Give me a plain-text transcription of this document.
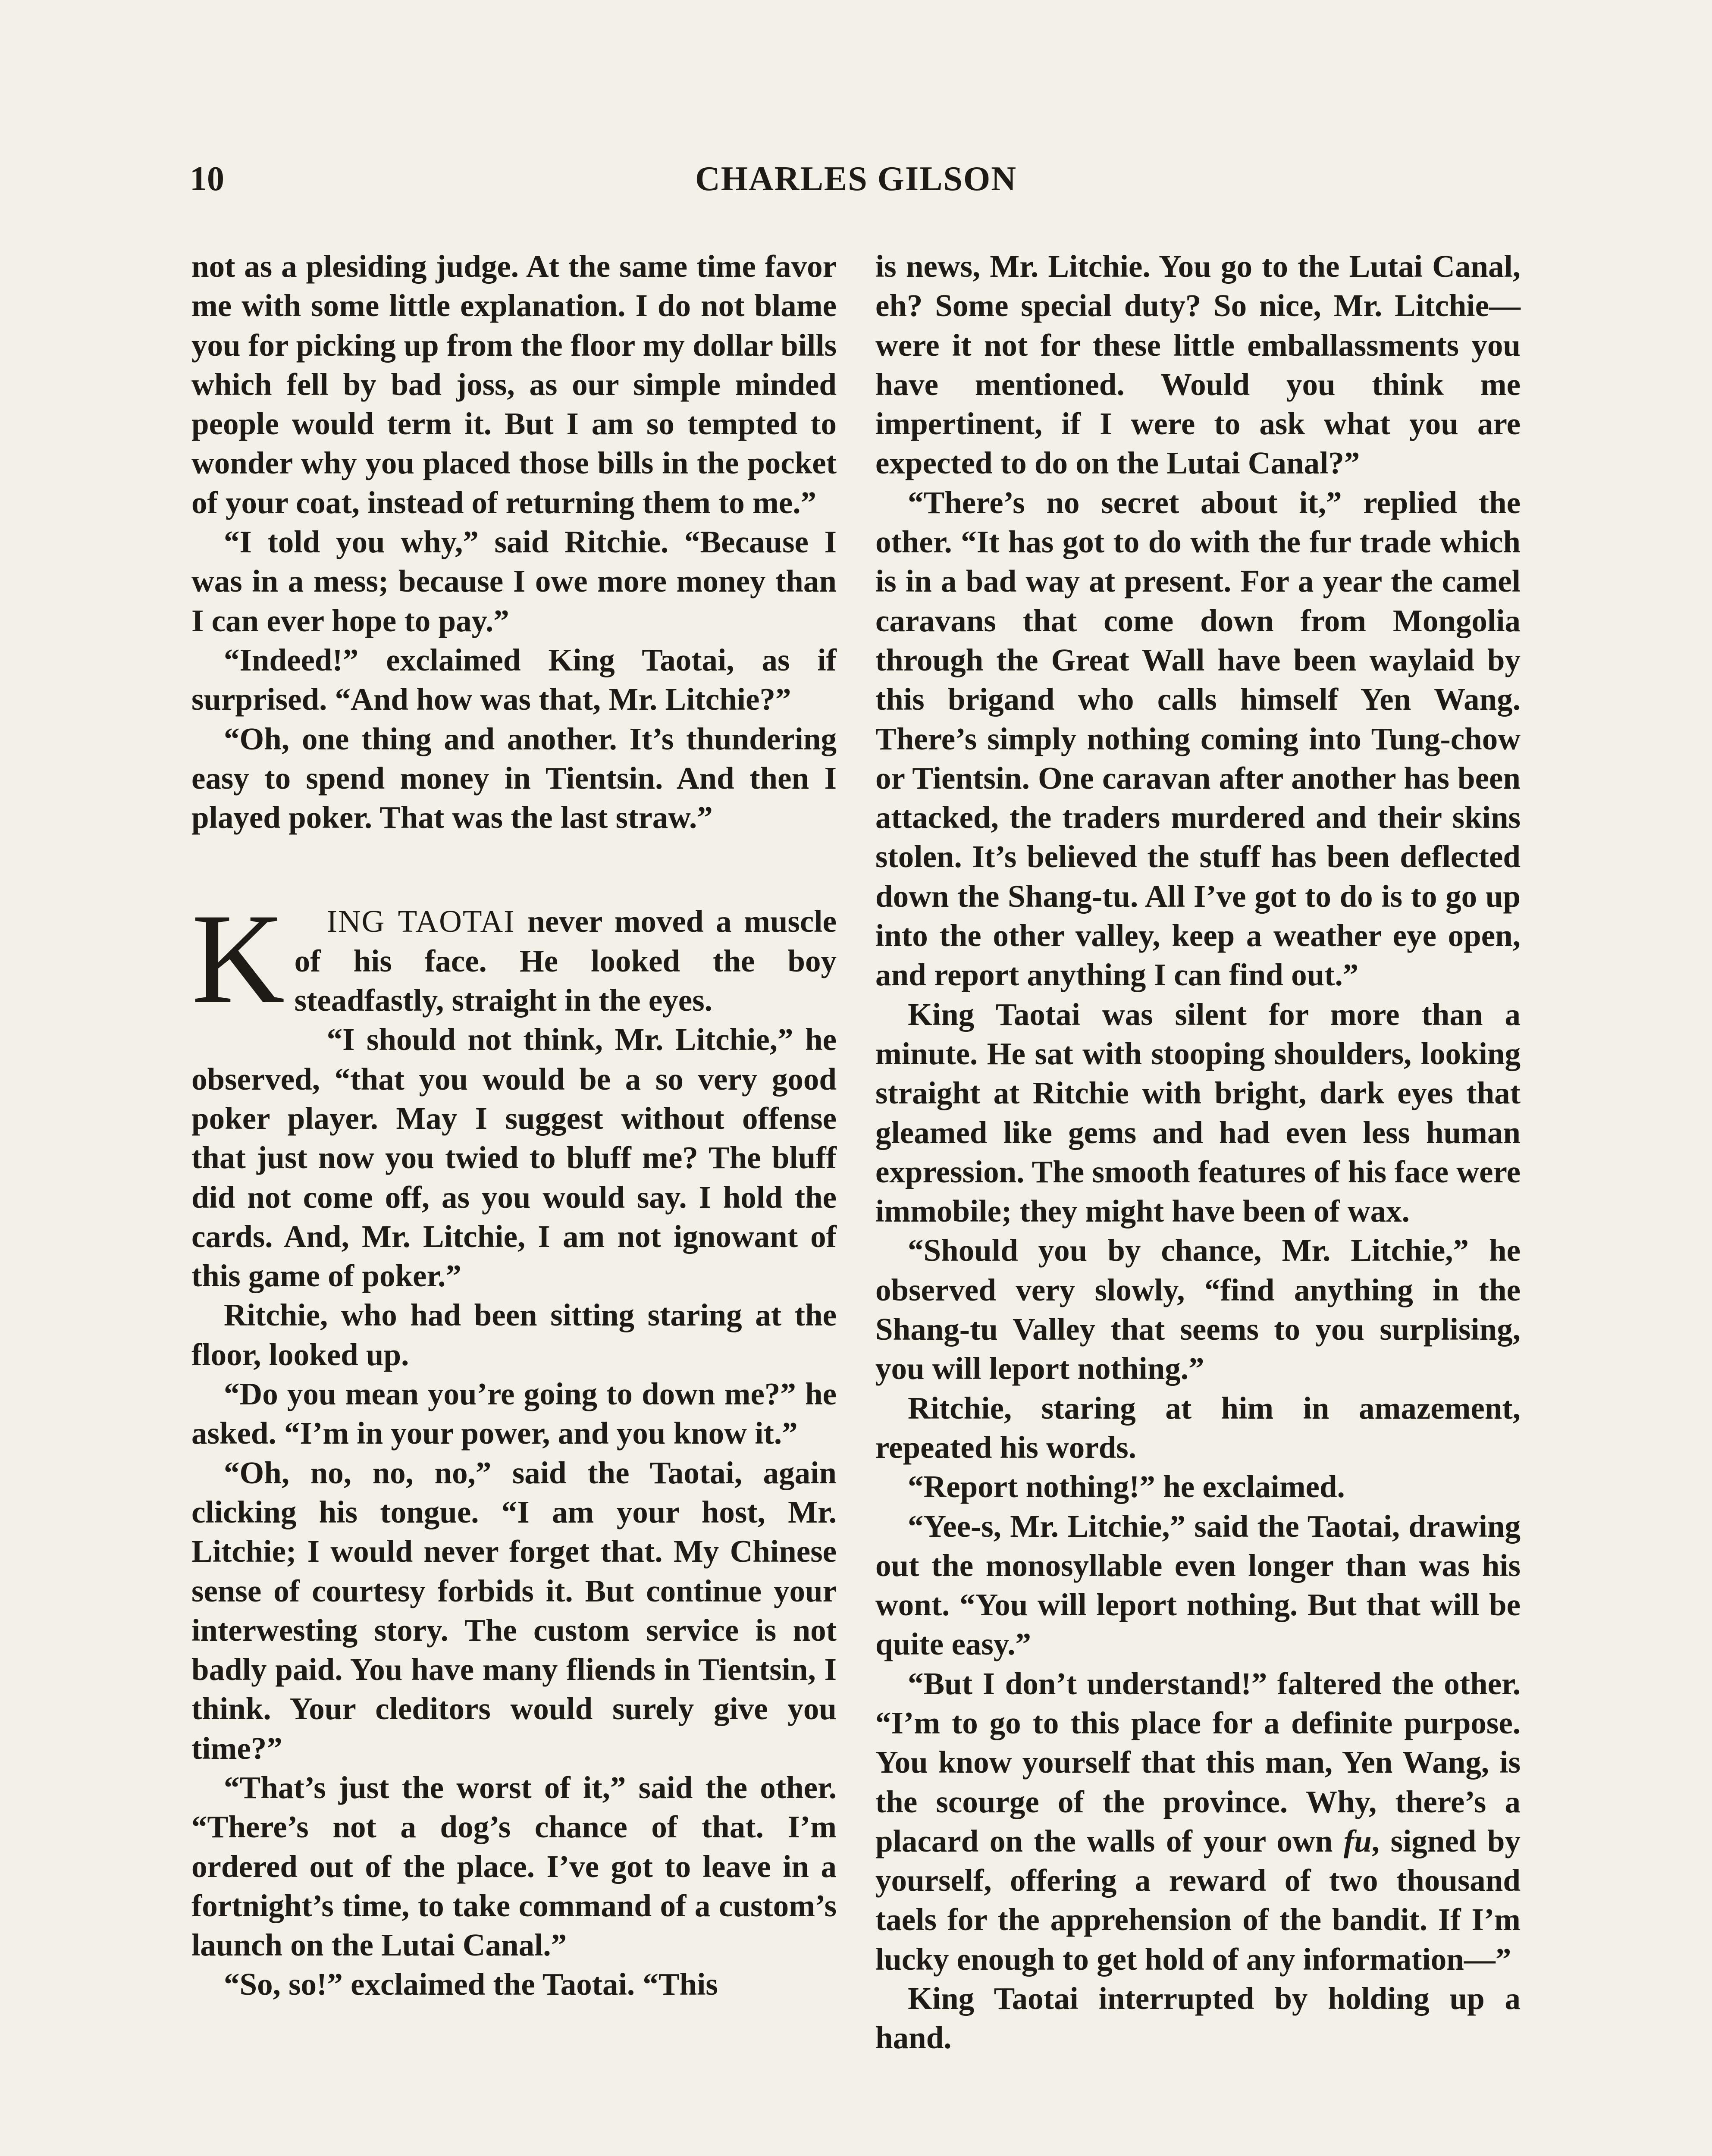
10	CHARLES GILSON

not as a plesiding judge. At the same time favor me with some little explanation. I do not blame you for picking up from the floor my dollar bills which fell by bad joss, as our simple minded people would term it. But I am so tempted to wonder why you placed those bills in the pocket of your coat, instead of returning them to me.”

“I told you why,” said Ritchie. “Because I was in a mess; because I owe more money than I can ever hope to pay.”

“Indeed!” exclaimed King Taotai, as if surprised. “And how was that, Mr. Litchie?”

“Oh, one thing and another. It’s thundering easy to spend money in Tientsin. And then I played poker. That was the last straw.”

K	ING TAOTAI never moved a muscle of his face. He looked the boy steadfastly, straight in the eyes.

“I should not think, Mr. Litchie,” he observed, “that you would be a so very good poker player. May I suggest without offense that just now you twied to bluff me? The bluff did not come off, as you would say. I hold the cards. And, Mr. Litchie, I am not ignowant of this game of poker.”

Ritchie, who had been sitting staring at the floor, looked up.

“Do you mean you’re going to down me?” he asked. “I’m in your power, and you know it.”

“Oh, no, no, no,” said the Taotai, again clicking his tongue. “I am your host, Mr. Litchie; I would never forget that. My Chinese sense of courtesy forbids it. But continue your interwesting story. The custom service is not badly paid. You have many fliends in Tientsin, I think. Your cleditors would surely give you time?”

“That’s just the worst of it,” said the other. “There’s not a dog’s chance of that. I’m ordered out of the place. I’ve got to leave in a fortnight’s time, to take command of a custom’s launch on the Lutai Canal.”

“So, so!” exclaimed the Taotai. “This

is news, Mr. Litchie. You go to the Lutai Canal, eh? Some special duty? So nice, Mr. Litchie—were it not for these little emballassments you have mentioned. Would you think me impertinent, if I were to ask what you are expected to do on the Lutai Canal?”

“There’s no secret about it,” replied the other. “It has got to do with the fur trade which is in a bad way at present. For a year the camel caravans that come down from Mongolia through the Great Wall have been waylaid by this brigand who calls himself Yen Wang. There’s simply nothing coming into Tung-chow or Tientsin. One caravan after another has been attacked, the traders murdered and their skins stolen. It’s believed the stuff has been deflected down the Shang-tu. All I’ve got to do is to go up into the other valley, keep a weather eye open, and report anything I can find out.”

King Taotai was silent for more than a minute. He sat with stooping shoulders, looking straight at Ritchie with bright, dark eyes that gleamed like gems and had even less human expression. The smooth features of his face were immobile; they might have been of wax.

“Should you by chance, Mr. Litchie,” he observed very slowly, “find anything in the Shang-tu Valley that seems to you surplising, you will leport nothing.”

Ritchie, staring at him in amazement, repeated his words.

“Report nothing!” he exclaimed.

“Yee-s, Mr. Litchie,” said the Taotai, drawing out the monosyllable even longer than was his wont. “You will leport nothing. But that will be quite easy.”

“But I don’t understand!” faltered the other. “I’m to go to this place for a definite purpose. You know yourself that this man, Yen Wang, is the scourge of the province. Why, there’s a placard on the walls of your own fu, signed by yourself, offering a reward of two thousand taels for the apprehension of the bandit. If I’m lucky enough to get hold of any information—”

King Taotai interrupted by holding up a hand.
